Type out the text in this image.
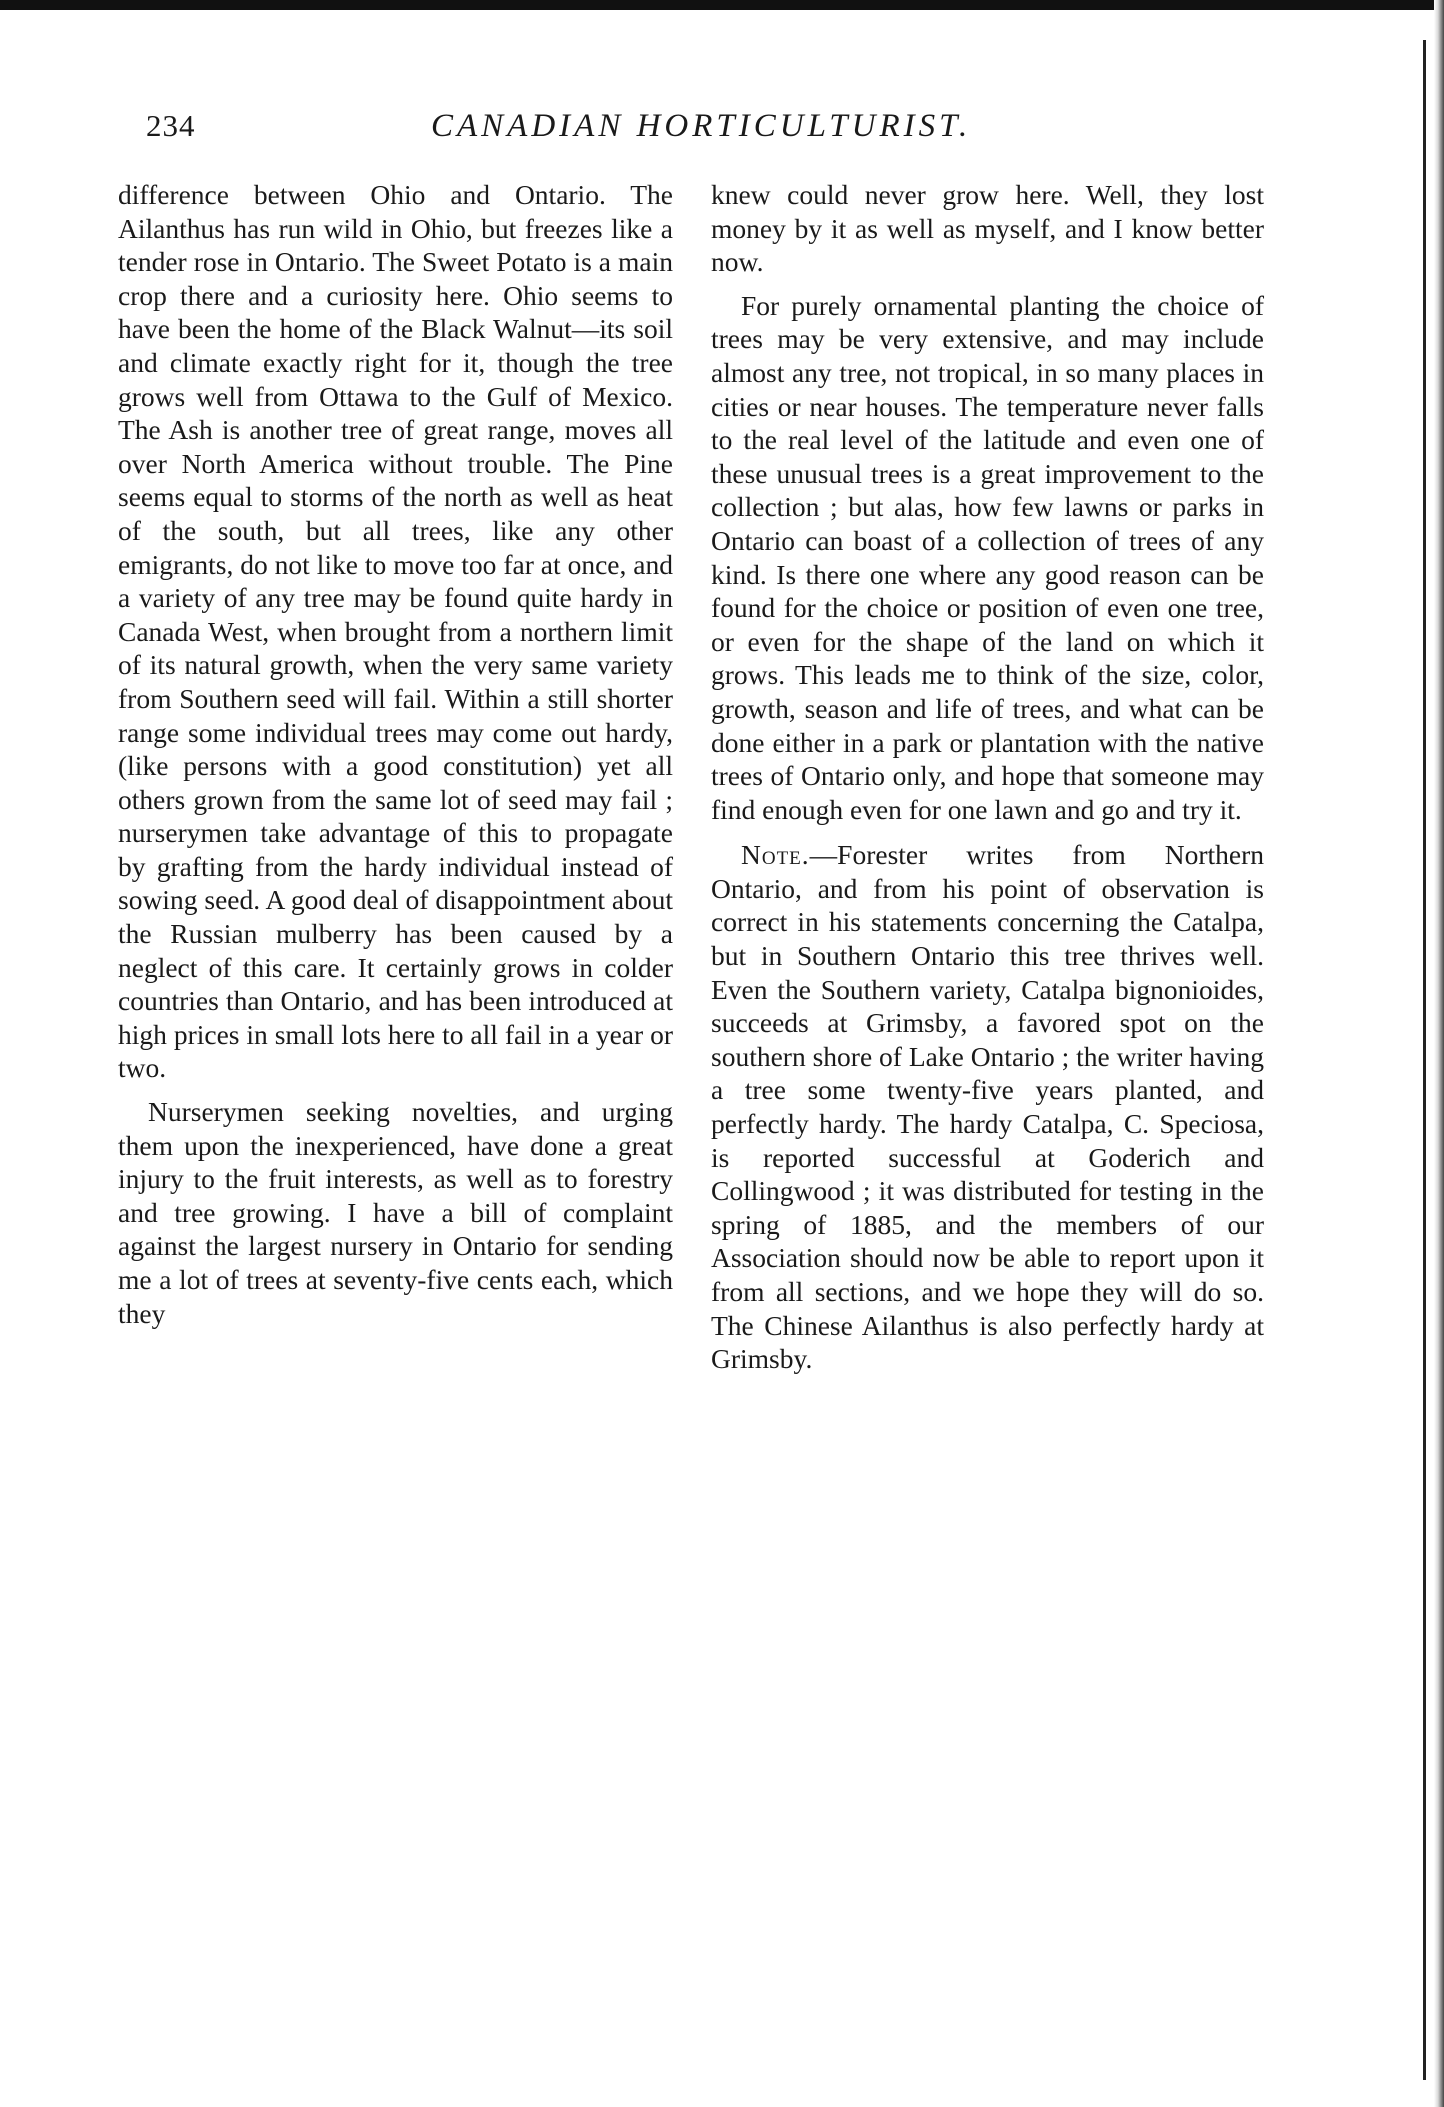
234	CANADIAN HORTICULTURIST.

difference between Ohio and Ontario. The Ailanthus has run wild in Ohio, but freezes like a tender rose in Ontario. The Sweet Potato is a main crop there and a curiosity here. Ohio seems to have been the home of the Black Walnut—its soil and climate exactly right for it, though the tree grows well from Ottawa to the Gulf of Mexico. The Ash is another tree of great range, moves all over North America without trouble. The Pine seems equal to storms of the north as well as heat of the south, but all trees, like any other emigrants, do not like to move too far at once, and a variety of any tree may be found quite hardy in Canada West, when brought from a northern limit of its natural growth, when the very same variety from Southern seed will fail. Within a still shorter range some individual trees may come out hardy, (like persons with a good constitution) yet all others grown from the same lot of seed may fail ; nurserymen take advantage of this to propagate by grafting from the hardy individual instead of sowing seed. A good deal of disappointment about the Russian mulberry has been caused by a neglect of this care. It certainly grows in colder countries than Ontario, and has been introduced at high prices in small lots here to all fail in a year or two.

Nurserymen seeking novelties, and urging them upon the inexperienced, have done a great injury to the fruit interests, as well as to forestry and tree growing. I have a bill of complaint against the largest nursery in Ontario for sending me a lot of trees at seventy-five cents each, which they

knew could never grow here. Well, they lost money by it as well as myself, and I know better now.

For purely ornamental planting the choice of trees may be very extensive, and may include almost any tree, not tropical, in so many places in cities or near houses. The temperature never falls to the real level of the latitude and even one of these unusual trees is a great improvement to the collection ; but alas, how few lawns or parks in Ontario can boast of a collection of trees of any kind. Is there one where any good reason can be found for the choice or position of even one tree, or even for the shape of the land on which it grows. This leads me to think of the size, color, growth, season and life of trees, and what can be done either in a park or plantation with the native trees of Ontario only, and hope that someone may find enough even for one lawn and go and try it.

Note.—Forester writes from Northern Ontario, and from his point of observation is correct in his statements concerning the Catalpa, but in Southern Ontario this tree thrives well. Even the Southern variety, Catalpa bignonioides, succeeds at Grimsby, a favored spot on the southern shore of Lake Ontario ; the writer having a tree some twenty-five years planted, and perfectly hardy. The hardy Catalpa, C. Speciosa, is reported successful at Goderich and Collingwood ; it was distributed for testing in the spring of 1885, and the members of our Association should now be able to report upon it from all sections, and we hope they will do so. The Chinese Ailanthus is also perfectly hardy at Grimsby.
